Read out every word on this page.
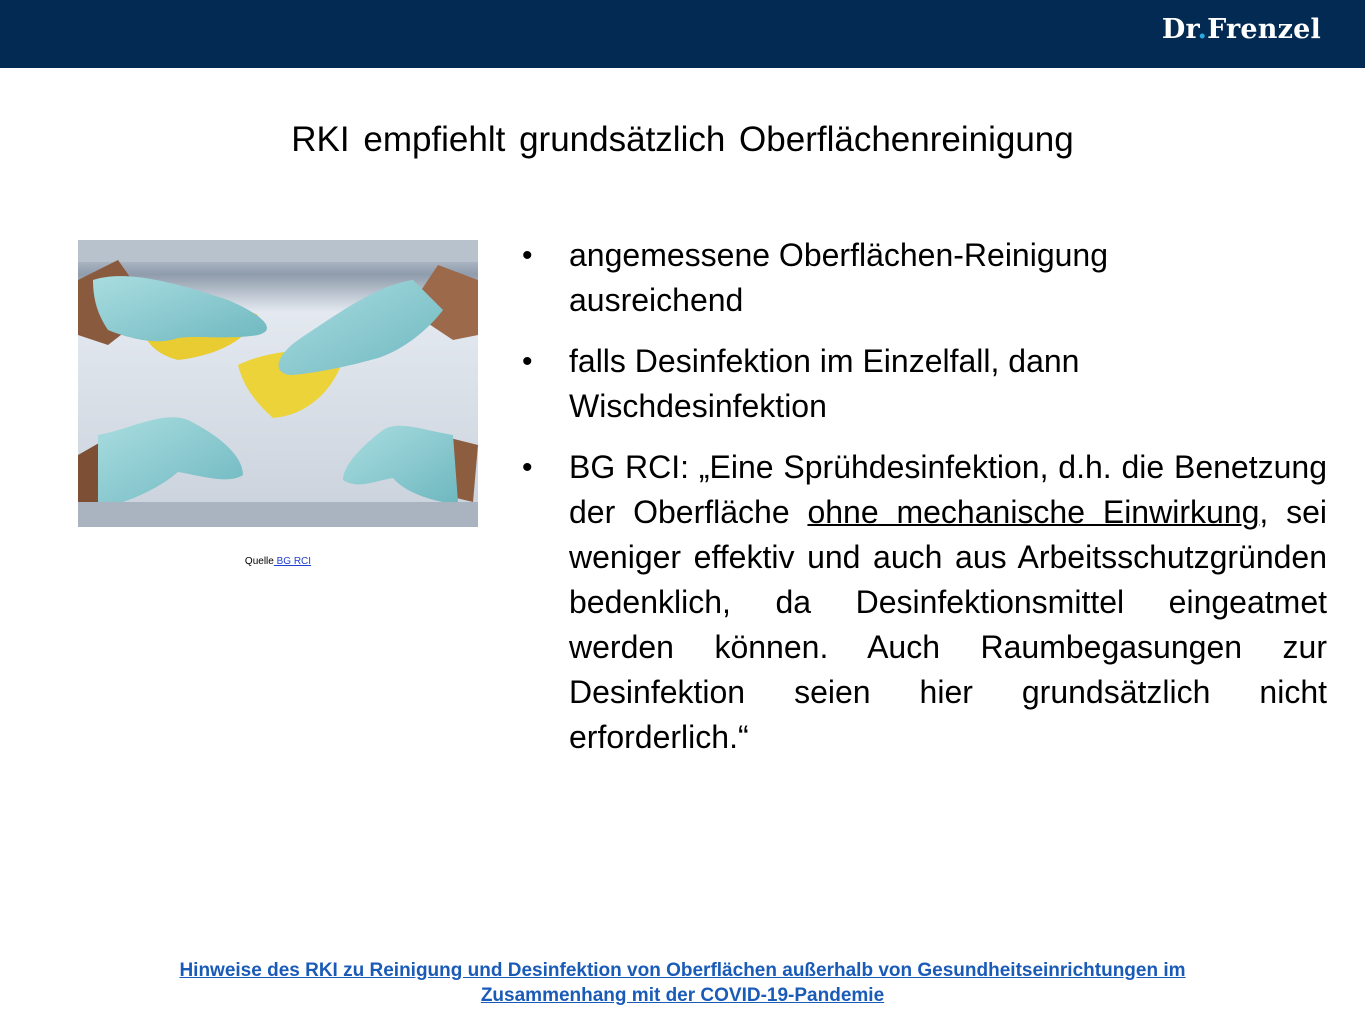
Dr.Frenzel
RKI empfiehlt grundsätzlich Oberflächenreinigung
Quelle BG RCI
• angemessene Oberflächen-Reinigung ausreichend
• falls Desinfektion im Einzelfall, dann Wischdesinfektion
• BG RCI: „Eine Sprühdesinfektion, d.h. die Benetzung der Oberfläche ohne mechanische Einwirkung, sei weniger effektiv und auch aus Arbeitsschutzgründen bedenklich, da Desinfektionsmittel eingeatmet werden können. Auch Raumbegasungen zur Desinfektion seien hier grundsätzlich nicht erforderlich.“
Hinweise des RKI zu Reinigung und Desinfektion von Oberflächen außerhalb von Gesundheitseinrichtungen im
Zusammenhang mit der COVID-19-Pandemie
